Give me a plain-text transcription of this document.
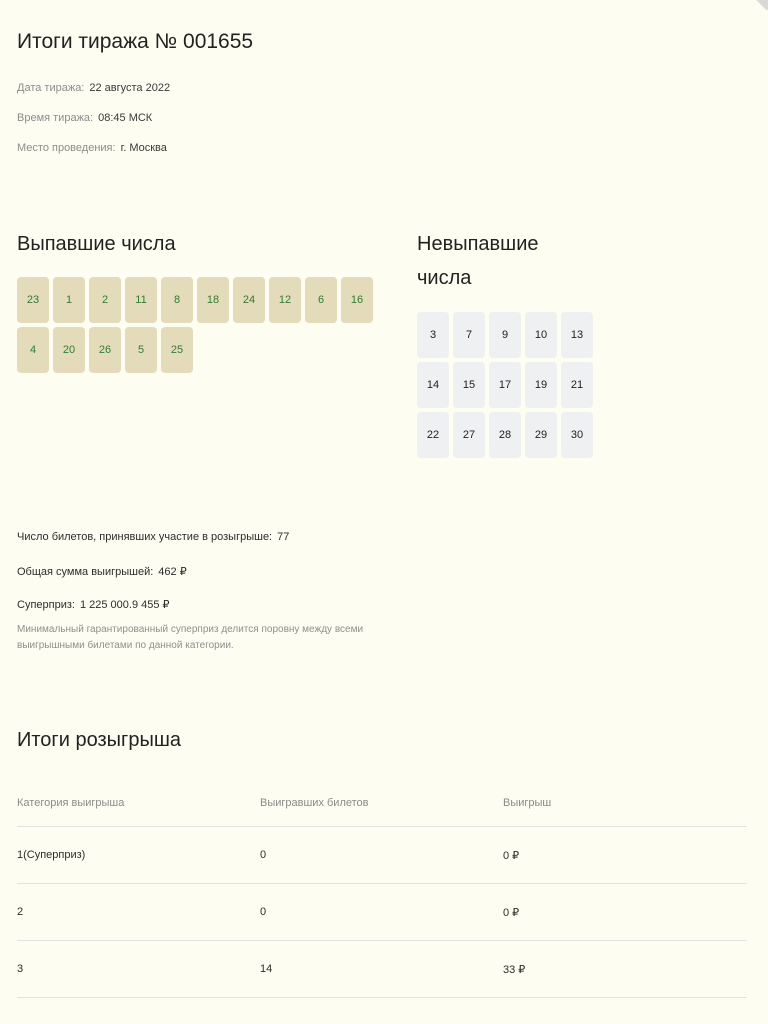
Итоги тиража № 001655
Дата тиража: 22 августа 2022
Время тиража: 08:45 МСК
Место проведения: г. Москва
Выпавшие числа
23	1	2	11	8	18	24	12	6	16
4	20	26	5	25
Невыпавшие числа
3	7	9	10	13
14	15	17	19	21
22	27	28	29	30
Число билетов, принявших участие в розыгрыше: 77
Общая сумма выигрышей: 462 ₽
Суперприз: 1 225 000.9 455 ₽
Минимальный гарантированный суперприз делится поровну между всеми выигрышными билетами по данной категории.
Итоги розыгрыша
Категория выигрыша	Выигравших билетов	Выигрыш
1(Суперприз)	0	0 ₽
2	0	0 ₽
3	14	33 ₽
